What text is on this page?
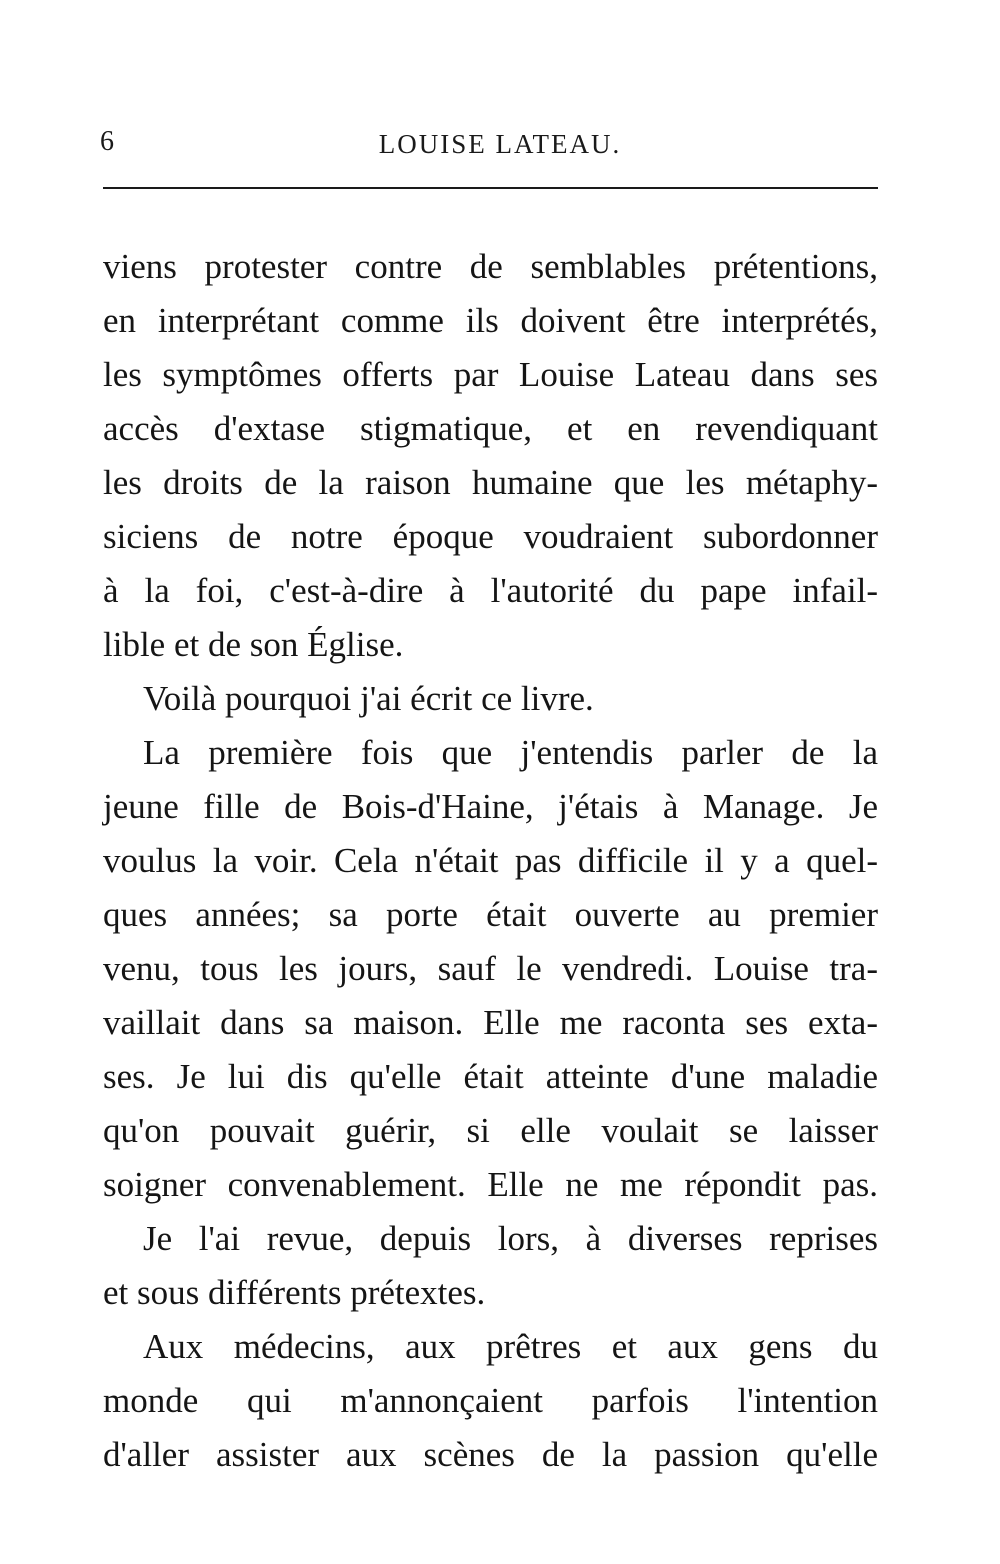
6	LOUISE LATEAU.
viens protester contre de semblables prétentions,
en interprétant comme ils doivent être interprétés,
les symptômes offerts par Louise Lateau dans ses
accès d'extase stigmatique, et en revendiquant
les droits de la raison humaine que les métaphy-
siciens de notre époque voudraient subordonner
à la foi, c'est-à-dire à l'autorité du pape infail-
lible et de son Église.
Voilà pourquoi j'ai écrit ce livre.
La première fois que j'entendis parler de la
jeune fille de Bois-d'Haine, j'étais à Manage. Je
voulus la voir. Cela n'était pas difficile il y a quel-
ques années; sa porte était ouverte au premier
venu, tous les jours, sauf le vendredi. Louise tra-
vaillait dans sa maison. Elle me raconta ses exta-
ses. Je lui dis qu'elle était atteinte d'une maladie
qu'on pouvait guérir, si elle voulait se laisser
soigner convenablement. Elle ne me répondit pas.
Je l'ai revue, depuis lors, à diverses reprises
et sous différents prétextes.
Aux médecins, aux prêtres et aux gens du
monde qui m'annonçaient parfois l'intention
d'aller assister aux scènes de la passion qu'elle
